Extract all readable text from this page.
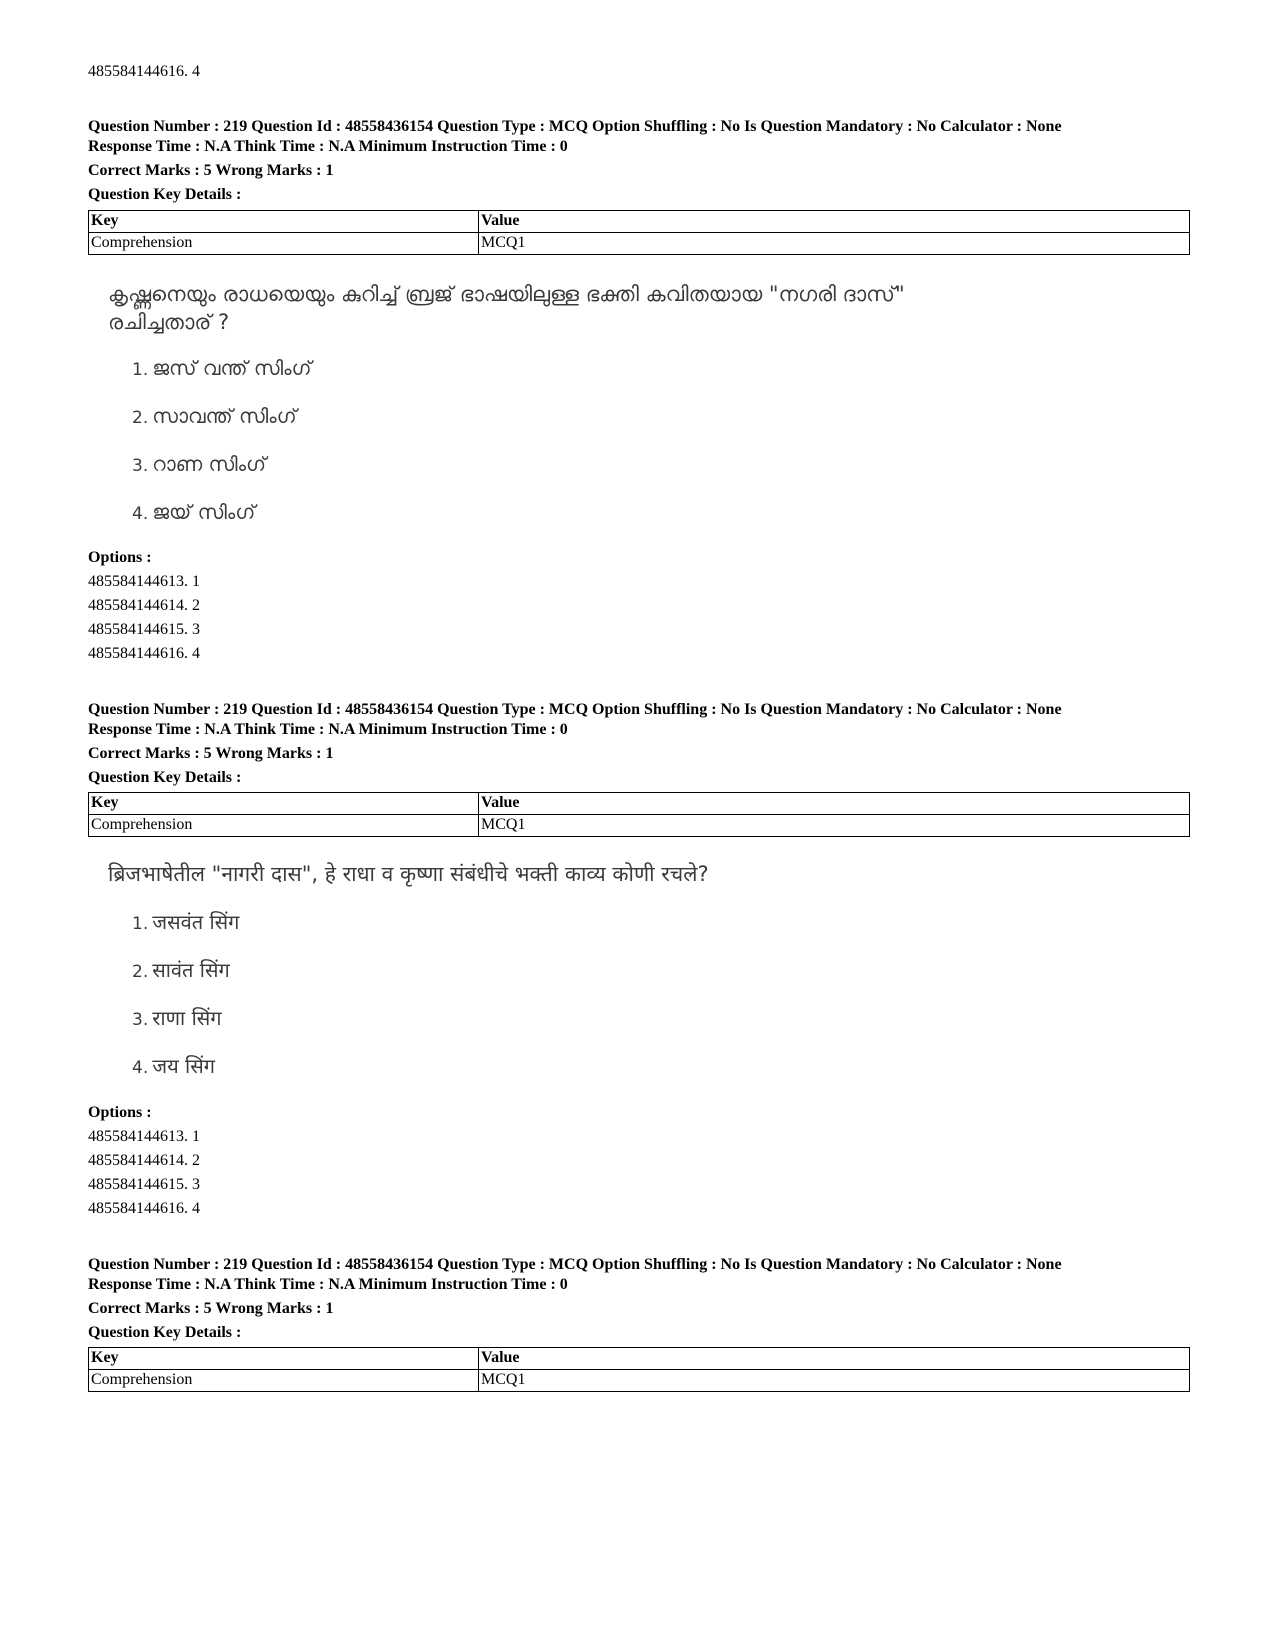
485584144616. 4
Question Number : 219 Question Id : 48558436154 Question Type : MCQ Option Shuffling : No Is Question Mandatory : No Calculator : None
Response Time : N.A Think Time : N.A Minimum Instruction Time : 0
Correct Marks : 5 Wrong Marks : 1
Question Key Details :
Key	Value
Comprehension	MCQ1
കൃഷ്ണനെയും രാധയെയും കുറിച്ച് ബ്രജ് ഭാഷയിലുള്ള ഭക്തി കവിതയായ "നഗരി ദാസ്" രചിച്ചതാര് ?
1. ജസ് വന്ത് സിംഗ്
2. സാവന്ത് സിംഗ്
3. റാണ സിംഗ്
4. ജയ് സിംഗ്
Options :
485584144613. 1
485584144614. 2
485584144615. 3
485584144616. 4
Question Number : 219 Question Id : 48558436154 Question Type : MCQ Option Shuffling : No Is Question Mandatory : No Calculator : None
Response Time : N.A Think Time : N.A Minimum Instruction Time : 0
Correct Marks : 5 Wrong Marks : 1
Question Key Details :
Key	Value
Comprehension	MCQ1
ब्रिजभाषेतील "नागरी दास", हे राधा व कृष्णा संबंधीचे भक्ती काव्य कोणी रचले?
1. जसवंत सिंग
2. सावंत सिंग
3. राणा सिंग
4. जय सिंग
Options :
485584144613. 1
485584144614. 2
485584144615. 3
485584144616. 4
Question Number : 219 Question Id : 48558436154 Question Type : MCQ Option Shuffling : No Is Question Mandatory : No Calculator : None
Response Time : N.A Think Time : N.A Minimum Instruction Time : 0
Correct Marks : 5 Wrong Marks : 1
Question Key Details :
Key	Value
Comprehension	MCQ1
